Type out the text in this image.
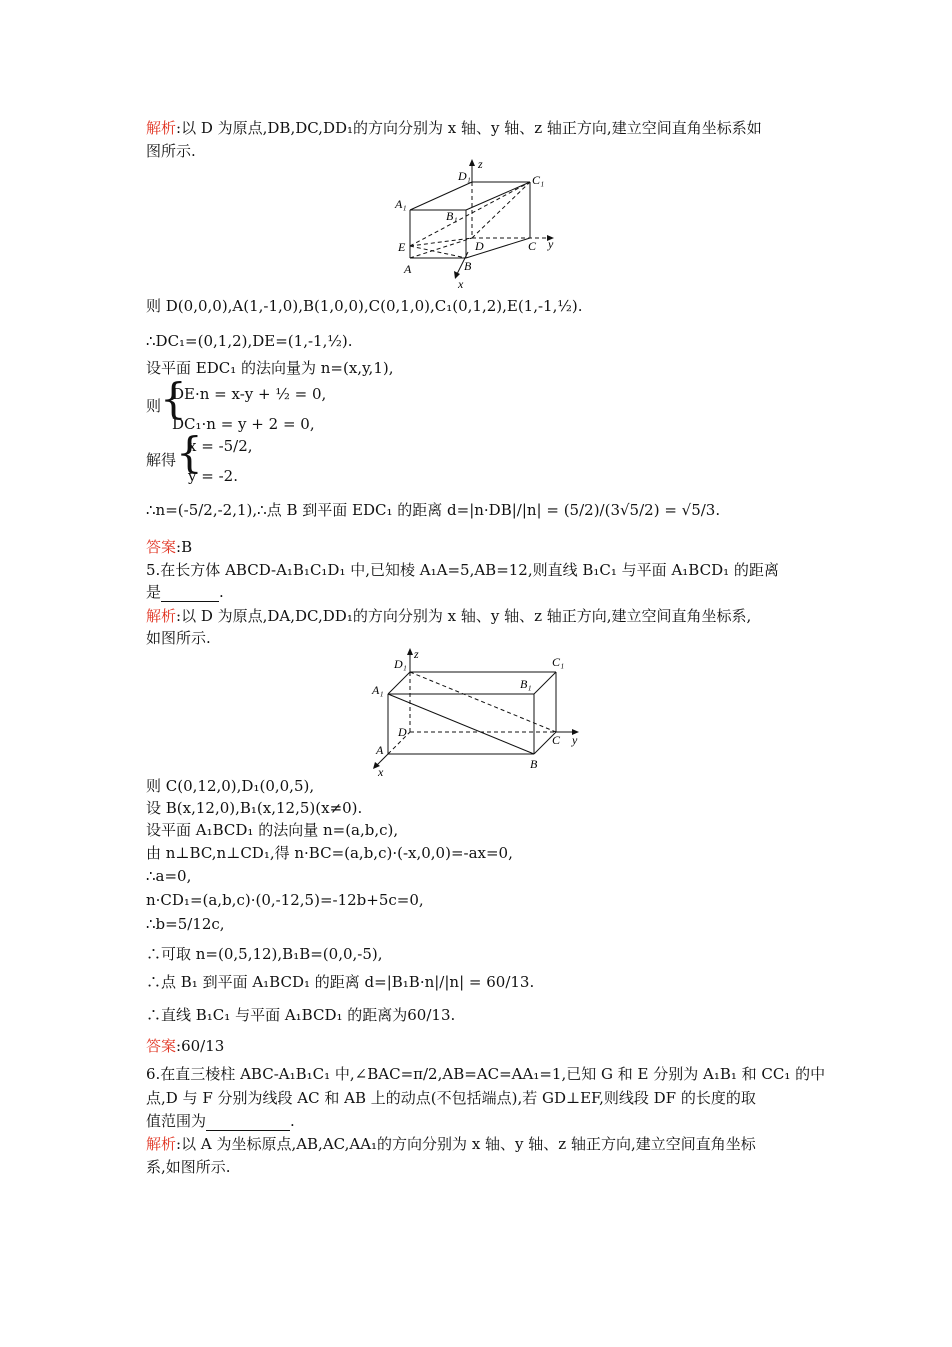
解析:以 D 为原点,DB,DC,DD₁的方向分别为 x 轴、y 轴、z 轴正方向,建立空间直角坐标系如
图所示.
D₁
z
C₁
A₁
B₁
E	D	C y
A	B
x
则 D(0,0,0),A(1,-1,0),B(1,0,0),C(0,1,0),C₁(0,1,2),E(1,-1,½).
∴DC₁=(0,1,2),DE=(1,-1,½).
设平面 EDC₁ 的法向量为 n=(x,y,1),
则
{
DE·n = x-y + ½ = 0,
DC₁·n = y + 2 = 0,
解得 {
x = -5/2,
y = -2.
∴n=(-5/2,-2,1),∴点 B 到平面 EDC₁ 的距离 d=|n·DB|/|n| = (5/2)/(3√5/2) = √5/3.
答案:B
5.在长方体 ABCD-A₁B₁C₁D₁ 中,已知棱 A₁A=5,AB=12,则直线 B₁C₁ 与平面 A₁BCD₁ 的距离
是	.
解析:以 D 为原点,DA,DC,DD₁的方向分别为 x 轴、y 轴、z 轴正方向,建立空间直角坐标系,
如图所示.
D₁
z
C₁
B₁
A₁
D
C y
A
B
x
则 C(0,12,0),D₁(0,0,5),
设 B(x,12,0),B₁(x,12,5)(x≠0).
设平面 A₁BCD₁ 的法向量 n=(a,b,c),
由 n⊥BC,n⊥CD₁,得 n·BC=(a,b,c)·(-x,0,0)=-ax=0,
∴a=0,
n·CD₁=(a,b,c)·(0,-12,5)=-12b+5c=0,
∴b=5/12c,
∴可取 n=(0,5,12),B₁B=(0,0,-5),
∴点 B₁ 到平面 A₁BCD₁ 的距离 d=|B₁B·n|/|n| = 60/13.
∴直线 B₁C₁ 与平面 A₁BCD₁ 的距离为60/13.
答案:60/13
6.在直三棱柱 ABC-A₁B₁C₁ 中,∠BAC=π/2,AB=AC=AA₁=1,已知 G 和 E 分别为 A₁B₁ 和 CC₁ 的中
点,D 与 F 分别为线段 AC 和 AB 上的动点(不包括端点),若 GD⊥EF,则线段 DF 的长度的取
值范围为	.
解析:以 A 为坐标原点,AB,AC,AA₁的方向分别为 x 轴、y 轴、z 轴正方向,建立空间直角坐标
系,如图所示.
